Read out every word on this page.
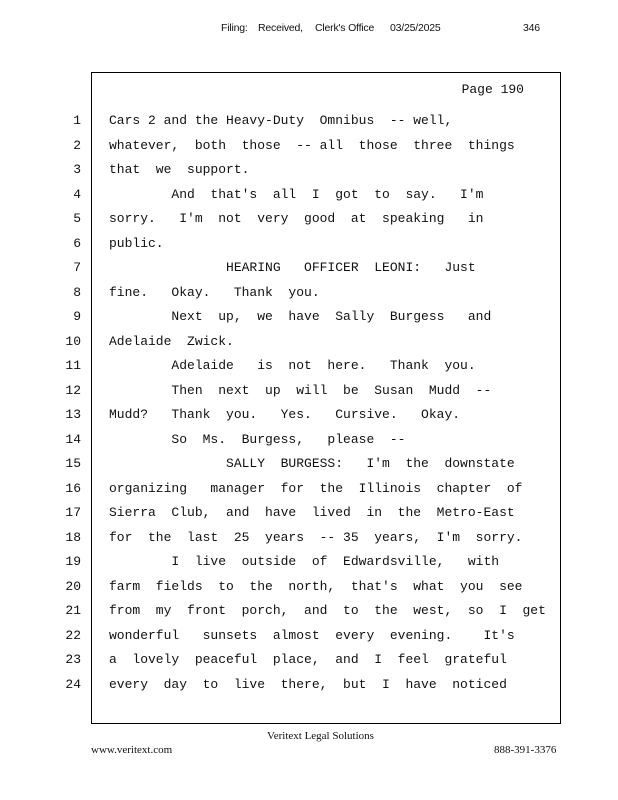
Filing: Received, Clerk's Office 03/25/2025	346
Page 190
1 Cars 2 and the Heavy-Duty  Omnibus  -- well,
2 whatever,  both  those  -- all  those  three  things
3 that  we  support.
4 And  that's  all  I  got  to  say.   I'm
5 sorry.   I'm  not  very  good  at  speaking   in
6 public.
7 HEARING   OFFICER  LEONI:   Just
8 fine.   Okay.   Thank  you.
9 Next  up,  we  have  Sally  Burgess   and
10 Adelaide  Zwick.
11 Adelaide   is  not  here.   Thank  you.
12 Then  next  up  will  be  Susan  Mudd  --
13 Mudd?   Thank  you.   Yes.   Cursive.   Okay.
14 So  Ms.  Burgess,   please  --
15 SALLY  BURGESS:   I'm  the  downstate
16 organizing   manager  for  the  Illinois  chapter  of
17 Sierra  Club,  and  have  lived  in  the  Metro-East
18 for  the  last  25  years  -- 35  years,  I'm  sorry.
19 I  live  outside  of  Edwardsville,   with
20 farm  fields  to  the  north,  that's  what  you  see
21 from  my  front  porch,  and  to  the  west,  so  I  get
22 wonderful   sunsets  almost  every  evening.    It's
23 a  lovely  peaceful  place,  and  I  feel  grateful
24 every  day  to  live  there,  but  I  have  noticed
Veritext Legal Solutions
www.veritext.com	888-391-3376
